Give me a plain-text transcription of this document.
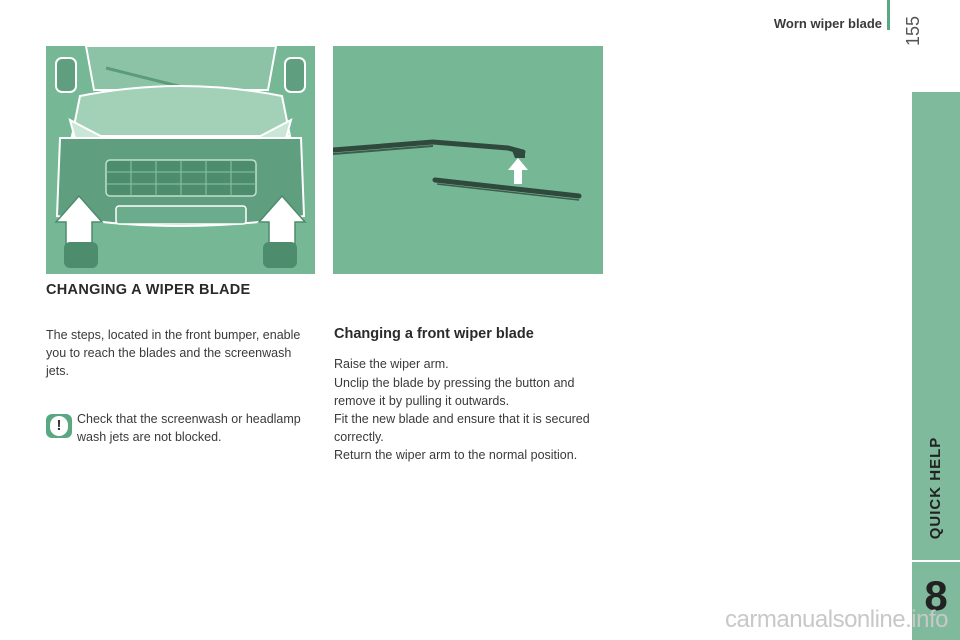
Worn wiper blade 155
QUICK HELP
8
CHANGING A WIPER BLADE

The steps, located in the front bumper, enable you to reach the blades and the screenwash jets.

!	Check that the screenwash or headlamp wash jets are not blocked.

Changing a front wiper blade

Raise the wiper arm.

Unclip the blade by pressing the button and remove it by pulling it outwards.

Fit the new blade and ensure that it is secured correctly.

Return the wiper arm to the normal position.

carmanualsonline.info
